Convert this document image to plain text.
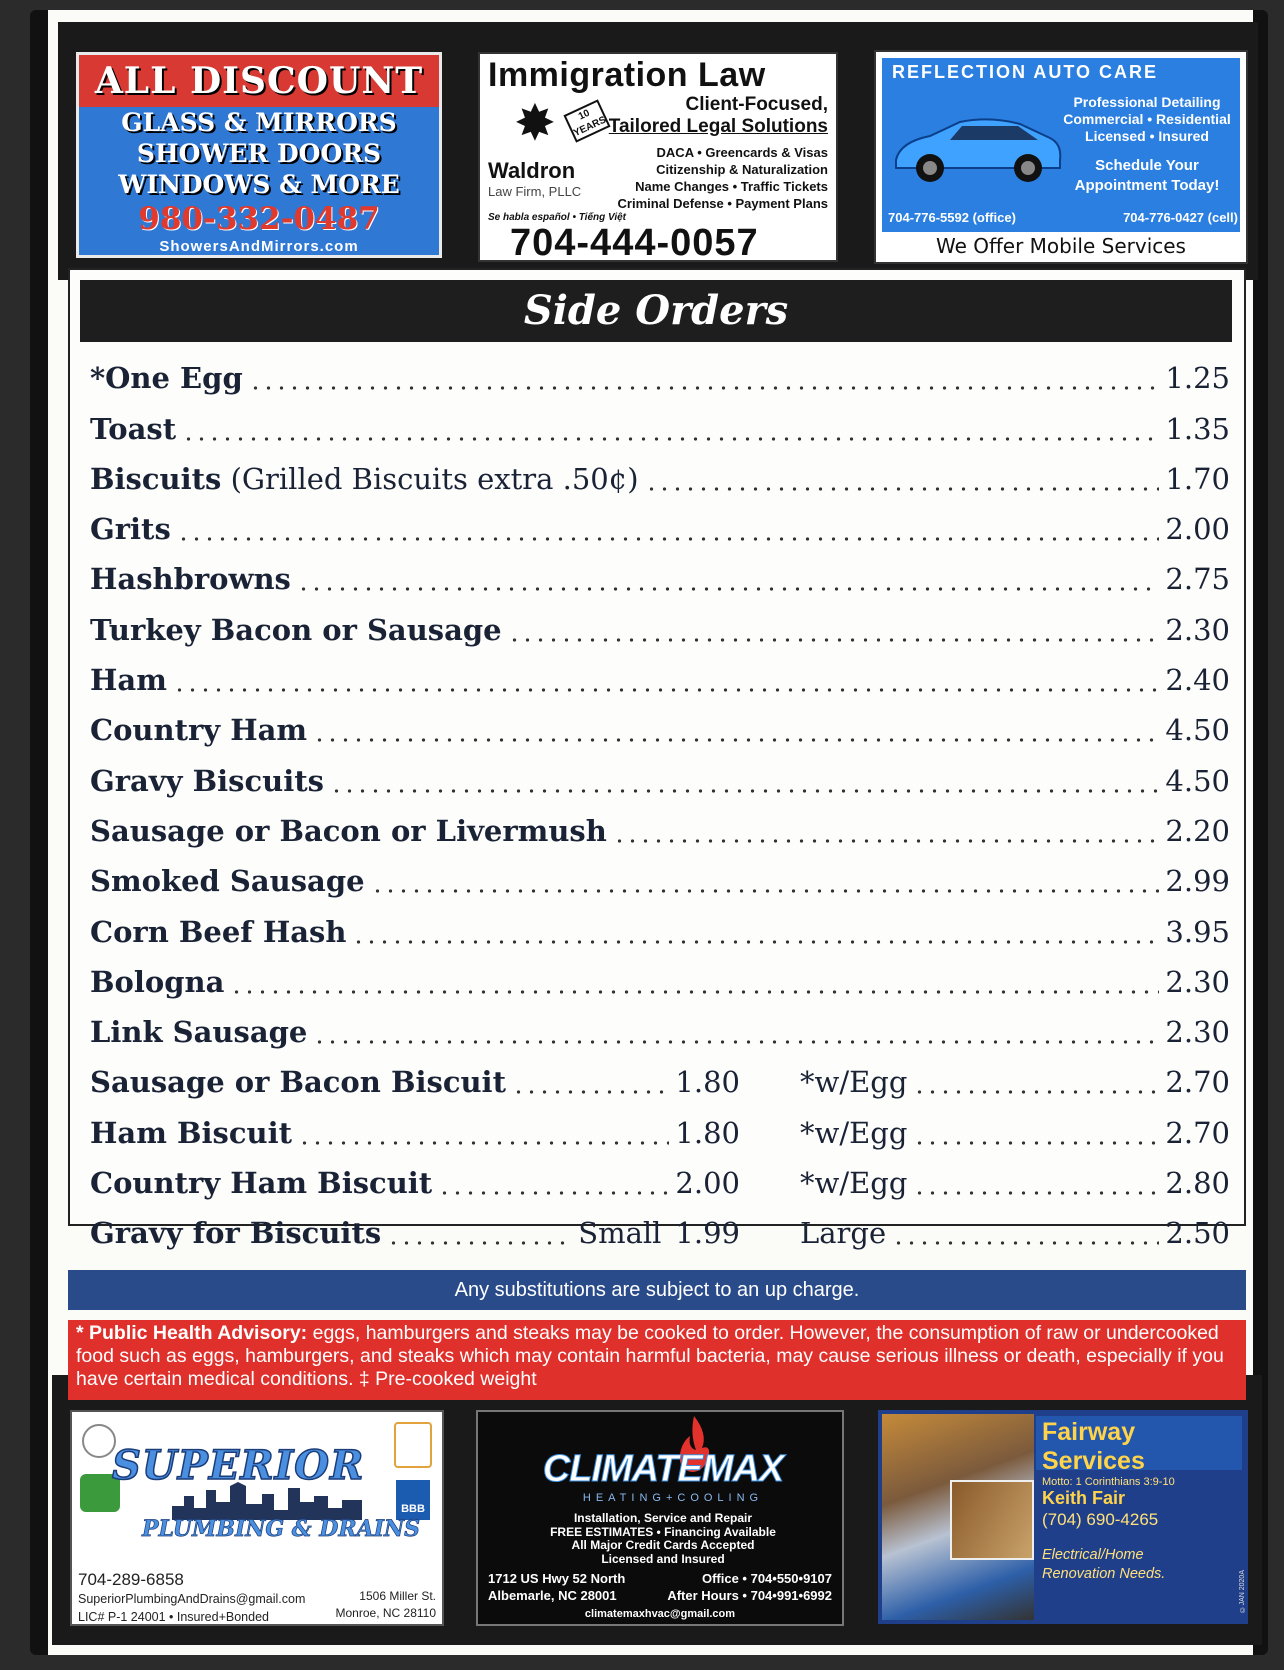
ALL DISCOUNT
GLASS & MIRRORS
SHOWER DOORS
WINDOWS & MORE
980-332-0487
ShowersAndMirrors.com
Immigration Law
✸	10 YEARS
Client-Focused,
Tailored Legal Solutions
Waldron
Law Firm, PLLC
DACA • Greencards & Visas
Citizenship & Naturalization
Name Changes • Traffic Tickets
Criminal Defense • Payment Plans
Se habla español • Tiếng Việt
704-444-0057
REFLECTION AUTO CARE
Professional Detailing
Commercial • Residential
Licensed • Insured
Schedule Your
Appointment Today!
704-776-5592 (office)	704-776-0427 (cell)
We Offer Mobile Services
Side Orders
*One Egg	1.25
Toast	1.35
Biscuits (Grilled Biscuits extra .50¢)	1.70
Grits	2.00
Hashbrowns	2.75
Turkey Bacon or Sausage	2.30
Ham	2.40
Country Ham	4.50
Gravy Biscuits	4.50
Sausage or Bacon or Livermush	2.20
Smoked Sausage	2.99
Corn Beef Hash	3.95
Bologna	2.30
Link Sausage	2.30
Sausage or Bacon Biscuit	1.80 *w/Egg	2.70
Ham Biscuit	1.80 *w/Egg	2.70
Country Ham Biscuit	2.00 *w/Egg	2.80
Gravy for Biscuits	Small 1.99 Large	2.50
Any substitutions are subject to an up charge.
* Public Health Advisory: eggs, hamburgers and steaks may be cooked to order. However, the consumption of raw or undercooked food such as eggs, hamburgers, and steaks which may contain harmful bacteria, may cause serious illness or death, especially if you have certain medical conditions. ‡ Pre-cooked weight
BBB
SUPERIOR
PLUMBING & DRAINS
704-289-6858
SuperiorPlumbingAndDrains@gmail.com
LIC# P-1 24001 • Insured+Bonded
1506 Miller St.
Monroe, NC 28110
CLIMATEMAX
HEATING+COOLING
Installation, Service and Repair
FREE ESTIMATES • Financing Available
All Major Credit Cards Accepted
Licensed and Insured
1712 US Hwy 52 North
Albemarle, NC 28001
Office • 704•550•9107
After Hours • 704•991•6992
climatemaxhvac@gmail.com
Fairway Services
Motto: 1 Corinthians 3:9-10
Keith Fair
(704) 690-4265
Electrical/Home
Renovation Needs.	©JAN 2020A
